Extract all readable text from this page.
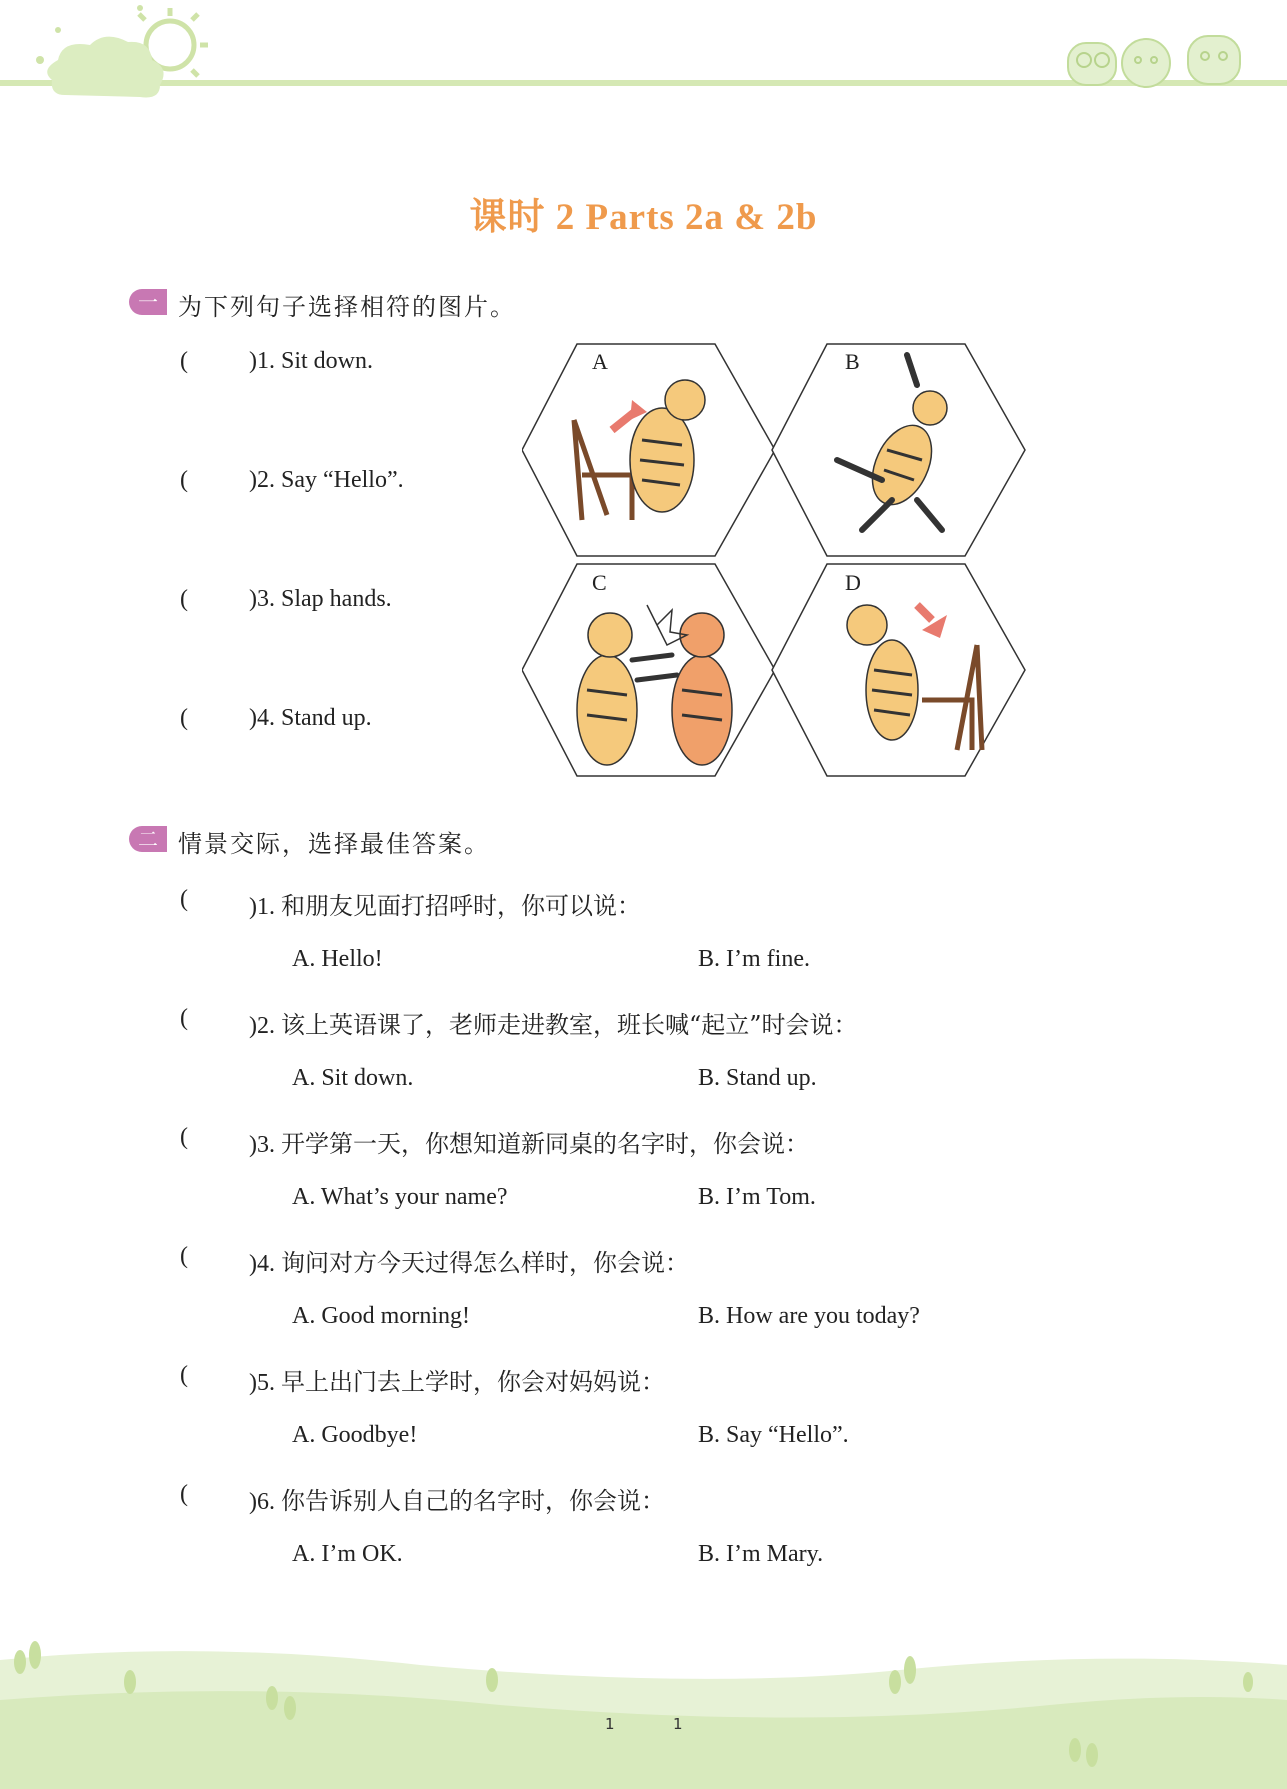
课时 2 Parts 2a & 2b
一 为下列句子选择相符的图片。
(	)1. Sit down.
(	)2. Say “Hello”.
(	)3. Slap hands.
(	)4. Stand up.
A	B
C	D
二 情景交际，选择最佳答案。
(	)1. 和朋友见面打招呼时，你可以说：
A. Hello!	B. I’m fine.
(	)2. 该上英语课了，老师走进教室，班长喊“起立”时会说：
A. Sit down.	B. Stand up.
(	)3. 开学第一天，你想知道新同桌的名字时，你会说：
A. What’s your name?	B. I’m Tom.
(	)4. 询问对方今天过得怎么样时，你会说：
A. Good morning!	B. How are you today?
(	)5. 早上出门去上学时，你会对妈妈说：
A. Goodbye!	B. Say “Hello”.
(	)6. 你告诉别人自己的名字时，你会说：
A. I’m OK.	B. I’m Mary.
1	1
